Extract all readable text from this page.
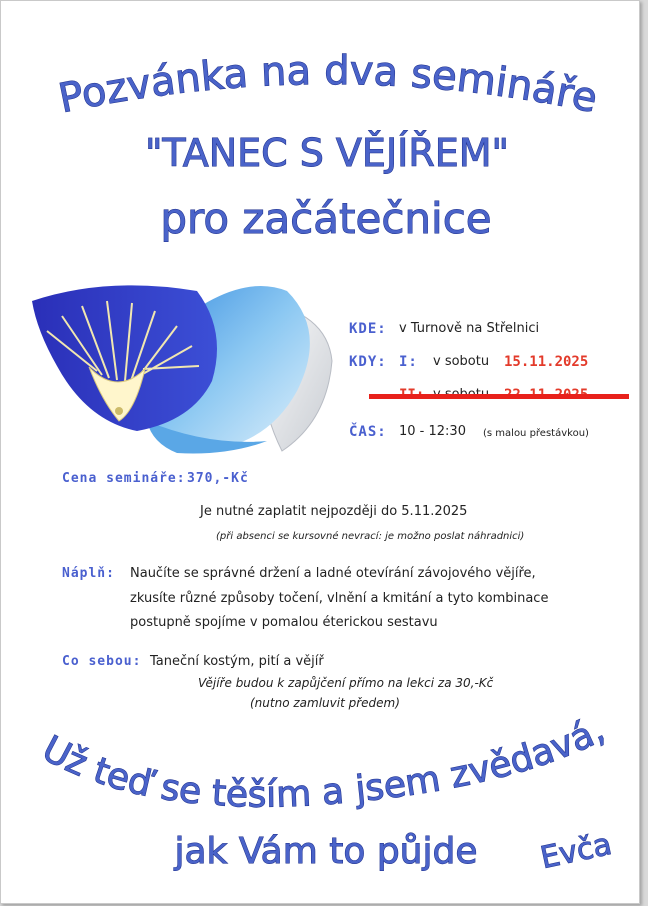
Pozvánka na dva semináře
"TANEC S VĚJÍŘEM"
pro začátečnice
KDE: v Turnově na Střelnici
KDY: I: v sobotu 15.11.2025
ČAS: 10 - 12:30 (s malou přestávkou)
Cena semináře: 370,-Kč
Je nutné zaplatit nejpozději do 5.11.2025
(při absenci se kursovné nevrací: je možno poslat náhradnici)
Náplň: Naučíte se správné držení a ladné otevírání závojového vějíře,
zkusíte různé způsoby točení, vlnění a kmitání a tyto kombinace
postupně spojíme v pomalou éterickou sestavu
Co sebou: Taneční kostým, pití a vějíř
Vějíře budou k zapůjčení přímo na lekci za 30,-Kč
(nutno zamluvit předem)
Už teď se těším a jsem zvědavá,
jak Vám to půjde Evča
